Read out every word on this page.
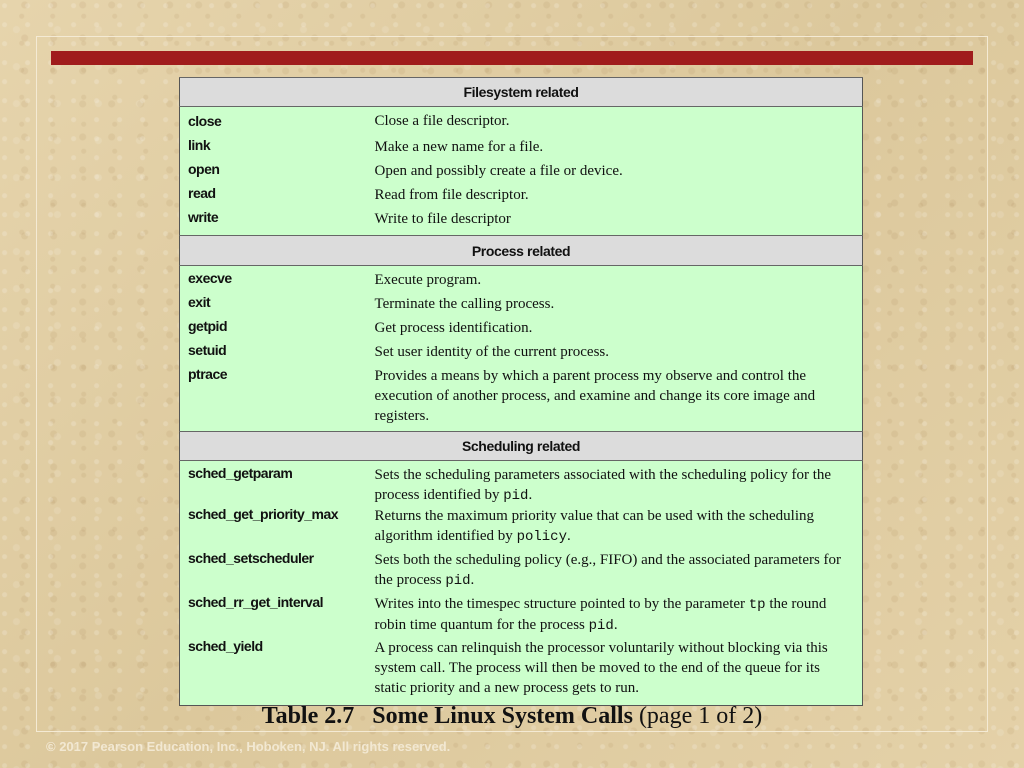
Filesystem related	
close	Close a file descriptor.
link	Make a new name for a file.
open	Open and possibly create a file or device.
read	Read from file descriptor.
write	Write to file descriptor
Process related	
execve	Execute program.
exit	Terminate the calling process.
getpid	Get process identification.
setuid	Set user identity of the current process.
ptrace	Provides a means by which a parent process my observe and control the execution of another process, and examine and change its core image and registers.
Scheduling related	
sched_getparam	Sets the scheduling parameters associated with the scheduling policy for the process identified by pid.
sched_get_priority_max	Returns the maximum priority value that can be used with the scheduling algorithm identified by policy.
sched_setscheduler	Sets both the scheduling policy (e.g., FIFO) and the associated parameters for the process pid.
sched_rr_get_interval	Writes into the timespec structure pointed to by the parameter tp the round robin time quantum for the process pid.
sched_yield	A process can relinquish the processor voluntarily without blocking via this system call. The process will then be moved to the end of the queue for its static priority and a new process gets to run.
Table 2.7   Some Linux System Calls (page 1 of 2)
© 2017 Pearson Education, Inc., Hoboken, NJ. All rights reserved.
